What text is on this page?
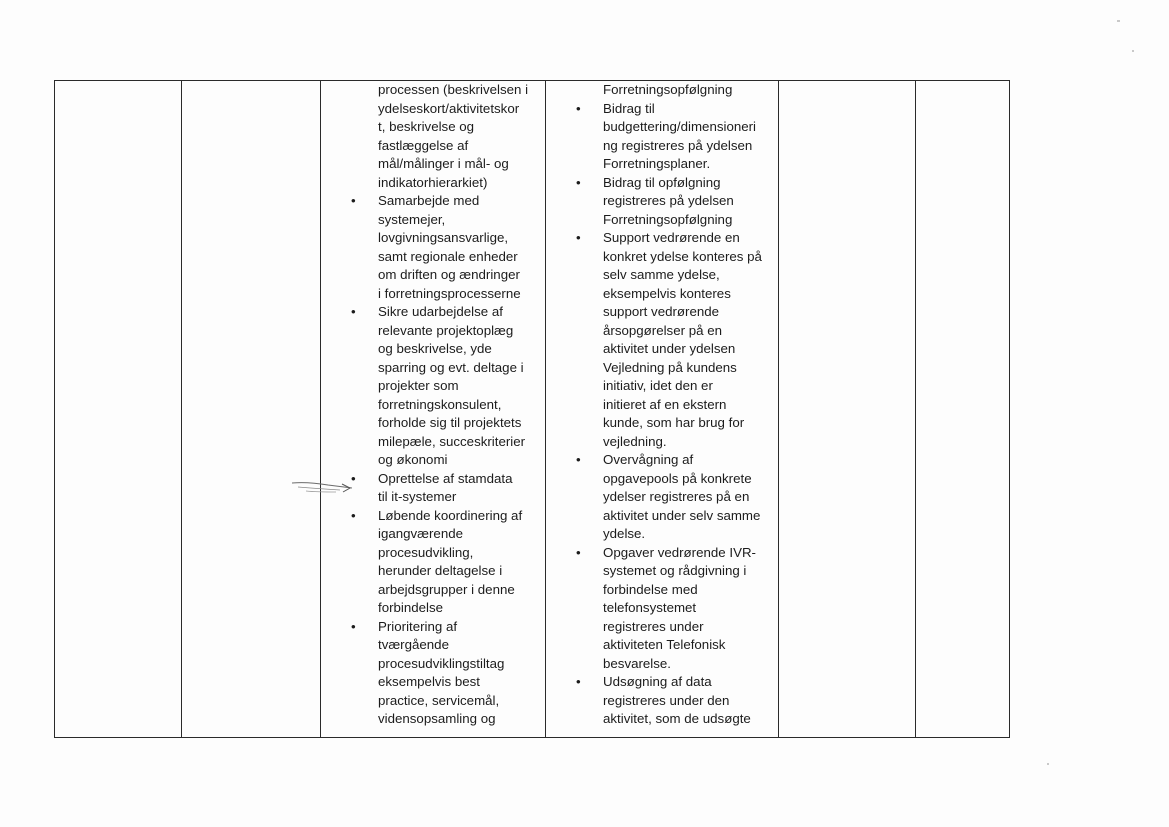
processen (beskrivelsen i
ydelseskort/aktivitetskor
t, beskrivelse og
fastlæggelse af
mål/målinger i mål- og
indikatorhierarkiet)
• Samarbejde med
systemejer,
lovgivningsansvarlige,
samt regionale enheder
om driften og ændringer
i forretningsprocesserne
• Sikre udarbejdelse af
relevante projektoplæg
og beskrivelse, yde
sparring og evt. deltage i
projekter som
forretningskonsulent,
forholde sig til projektets
milepæle, succeskriterier
og økonomi
• Oprettelse af stamdata
til it-systemer
• Løbende koordinering af
igangværende
procesudvikling,
herunder deltagelse i
arbejdsgrupper i denne
forbindelse
• Prioritering af
tværgående
procesudviklingstiltag
eksempelvis best
practice, servicemål,
vidensopsamling og

Forretningsopfølgning
• Bidrag til
budgettering/dimensioneri
ng registreres på ydelsen
Forretningsplaner.
• Bidrag til opfølgning
registreres på ydelsen
Forretningsopfølgning
• Support vedrørende en
konkret ydelse konteres på
selv samme ydelse,
eksempelvis konteres
support vedrørende
årsopgørelser på en
aktivitet under ydelsen
Vejledning på kundens
initiativ, idet den er
initieret af en ekstern
kunde, som har brug for
vejledning.
• Overvågning af
opgavepools på konkrete
ydelser registreres på en
aktivitet under selv samme
ydelse.
• Opgaver vedrørende IVR-
systemet og rådgivning i
forbindelse med
telefonsystemet
registreres under
aktiviteten Telefonisk
besvarelse.
• Udsøgning af data
registreres under den
aktivitet, som de udsøgte
